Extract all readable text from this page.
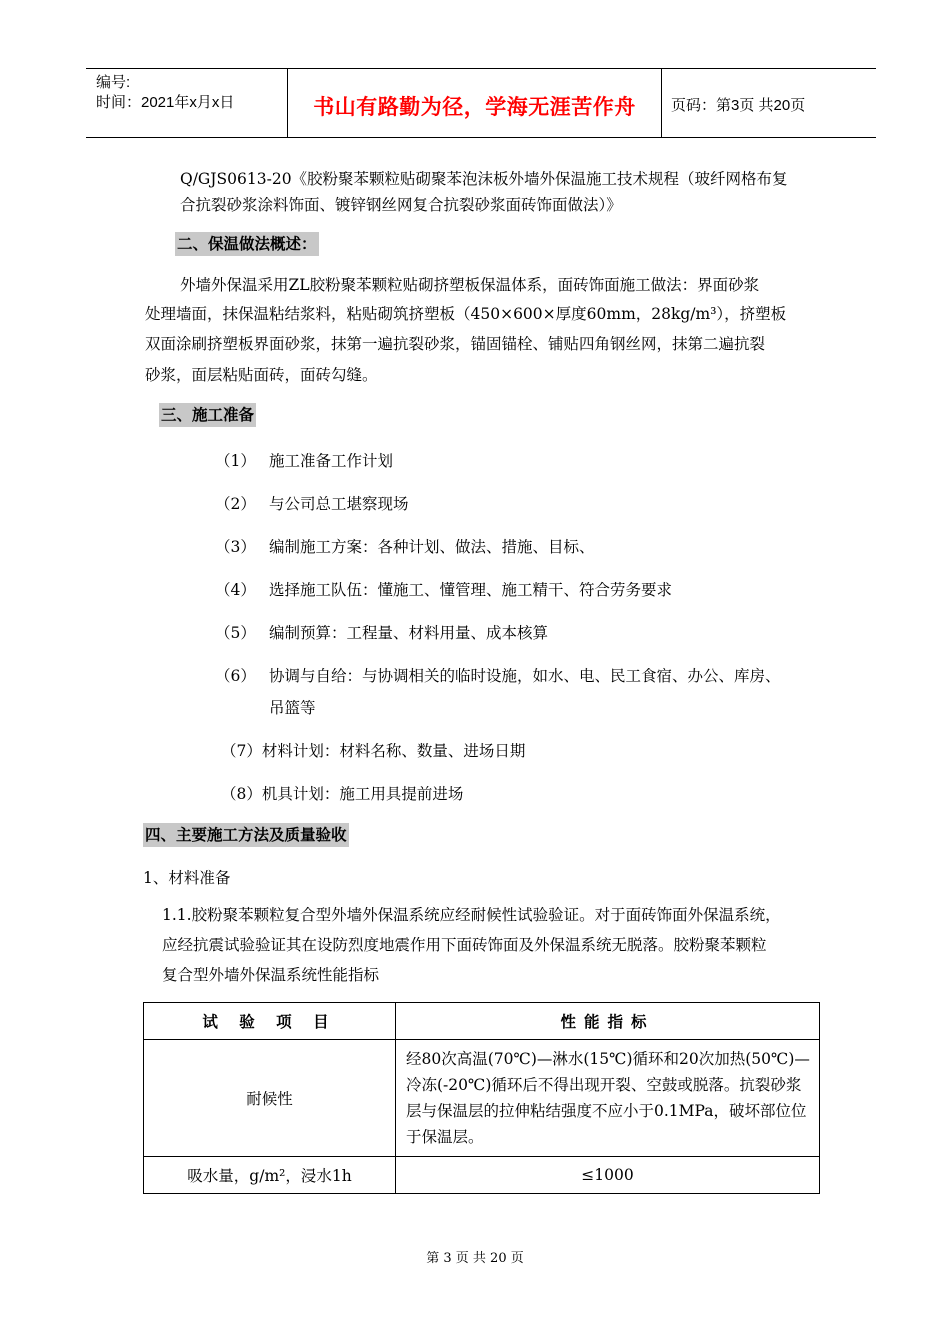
编号:
时间：2021年x月x日	书山有路勤为径，学海无涯苦作舟	页码：第3页 共20页
Q/GJS0613-20《胶粉聚苯颗粒贴砌聚苯泡沫板外墙外保温施工技术规程（玻纤网格布复
合抗裂砂浆涂料饰面、镀锌钢丝网复合抗裂砂浆面砖饰面做法）》
二、保温做法概述：
外墙外保温采用ZL胶粉聚苯颗粒贴砌挤塑板保温体系，面砖饰面施工做法：界面砂浆
处理墙面，抹保温粘结浆料，粘贴砌筑挤塑板（450×600×厚度60mm，28kg/m³），挤塑板
双面涂刷挤塑板界面砂浆，抹第一遍抗裂砂浆，锚固锚栓、铺贴四角钢丝网，抹第二遍抗裂
砂浆，面层粘贴面砖，面砖勾缝。
三、施工准备
（1） 施工准备工作计划
（2） 与公司总工堪察现场
（3） 编制施工方案：各种计划、做法、措施、目标、
（4） 选择施工队伍：懂施工、懂管理、施工精干、符合劳务要求
（5） 编制预算：工程量、材料用量、成本核算
（6） 协调与自给：与协调相关的临时设施，如水、电、民工食宿、办公、库房、
吊篮等
（7）材料计划：材料名称、数量、进场日期
（8）机具计划：施工用具提前进场
四、主要施工方法及质量验收
1、材料准备
1.1.胶粉聚苯颗粒复合型外墙外保温系统应经耐候性试验验证。对于面砖饰面外保温系统，
应经抗震试验验证其在设防烈度地震作用下面砖饰面及外保温系统无脱落。胶粉聚苯颗粒
复合型外墙外保温系统性能指标
试 验 项 目	性能指标
耐候性	经80次高温(70℃)—淋水(15℃)循环和20次加热(50℃)—冷冻(-20℃)循环后不得出现开裂、空鼓或脱落。抗裂砂浆层与保温层的拉伸粘结强度不应小于0.1MPa，破坏部位位于保温层。
吸水量，g/m²，浸水1h	≤1000
第 3 页 共 20 页
